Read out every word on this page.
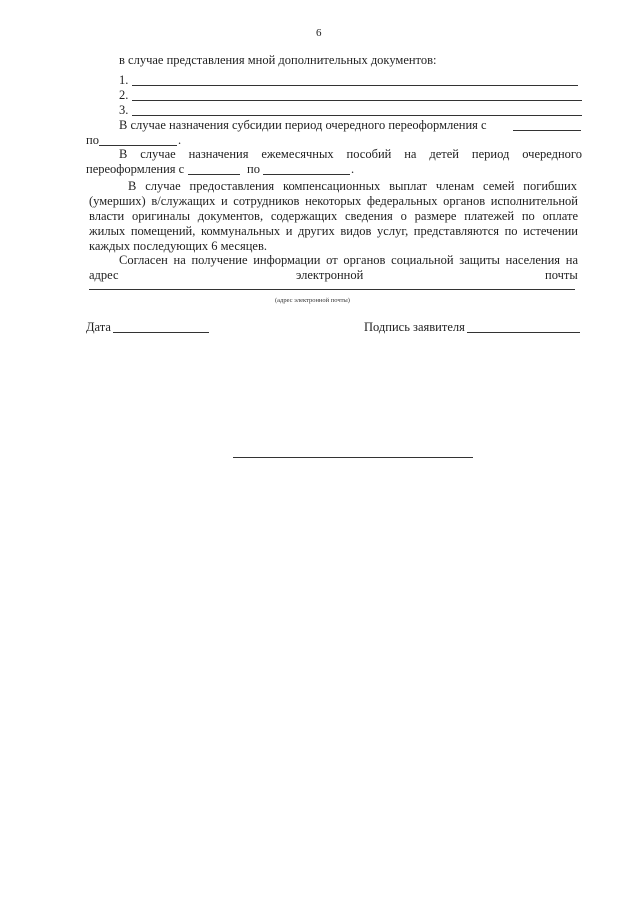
6
в случае представления мной дополнительных документов:
1.
2.
3.
В случае назначения субсидии период очередного переоформления с
по	.
В случае назначения ежемесячных пособий на детей период очередного
переоформления с	по	.
В случае предоставления компенсационных выплат членам семей погибших
(умерших) в/служащих и сотрудников некоторых федеральных органов исполнительной
власти оригиналы документов, содержащих сведения о размере платежей по оплате
жилых помещений, коммунальных и других видов услуг, представляются по истечении
каждых последующих 6 месяцев.
Согласен на получение информации от органов социальной защиты населения на
адрес	электронной	почты
(адрес электронной почты)
Дата	Подпись заявителя
